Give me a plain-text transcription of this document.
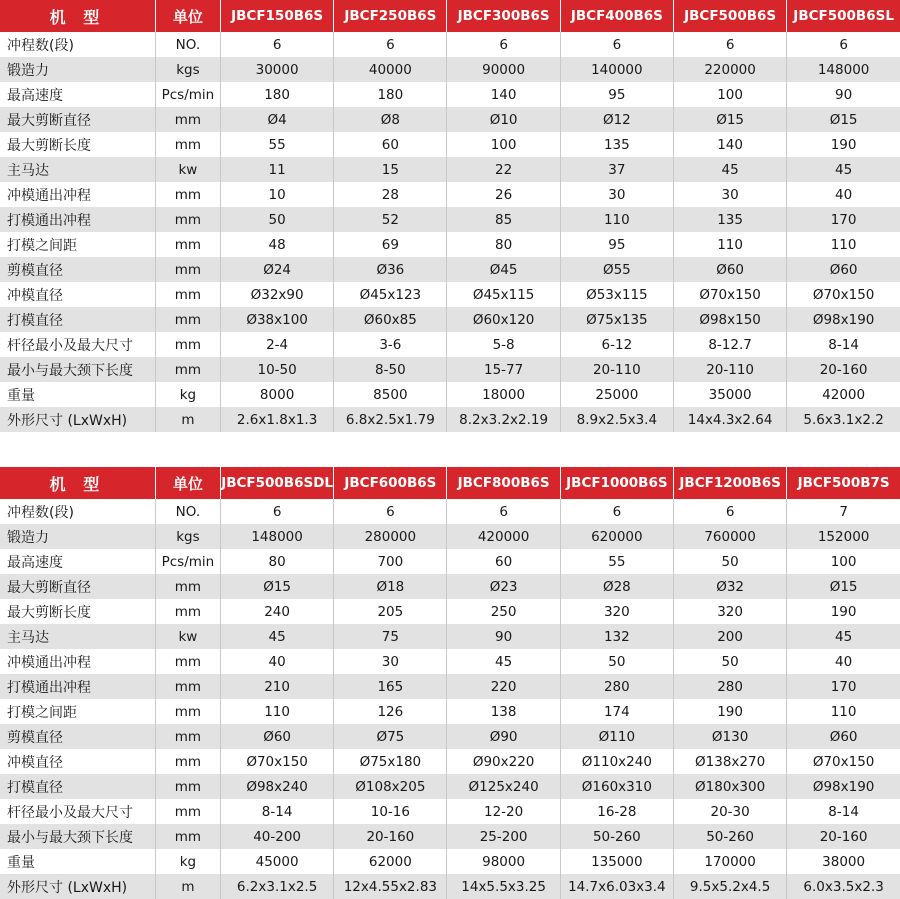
机 型	单位	JBCF150B6S	JBCF250B6S	JBCF300B6S	JBCF400B6S	JBCF500B6S	JBCF500B6SL
冲程数(段)	NO.	6	6	6	6	6	6
锻造力	kgs	30000	40000	90000	140000	220000	148000
最高速度	Pcs/min	180	180	140	95	100	90
最大剪断直径	mm	Ø4	Ø8	Ø10	Ø12	Ø15	Ø15
最大剪断长度	mm	55	60	100	135	140	190
主马达	kw	11	15	22	37	45	45
冲模通出冲程	mm	10	28	26	30	30	40
打模通出冲程	mm	50	52	85	110	135	170
打模之间距	mm	48	69	80	95	110	110
剪模直径	mm	Ø24	Ø36	Ø45	Ø55	Ø60	Ø60
冲模直径	mm	Ø32x90	Ø45x123	Ø45x115	Ø53x115	Ø70x150	Ø70x150
打模直径	mm	Ø38x100	Ø60x85	Ø60x120	Ø75x135	Ø98x150	Ø98x190
杆径最小及最大尺寸	mm	2-4	3-6	5-8	6-12	8-12.7	8-14
最小与最大颈下长度	mm	10-50	8-50	15-77	20-110	20-110	20-160
重量	kg	8000	8500	18000	25000	35000	42000
外形尺寸 (LxWxH)	m	2.6x1.8x1.3	6.8x2.5x1.79	8.2x3.2x2.19	8.9x2.5x3.4	14x4.3x2.64	5.6x3.1x2.2
机 型	单位	JBCF500B6SDL	JBCF600B6S	JBCF800B6S	JBCF1000B6S	JBCF1200B6S	JBCF500B7S
冲程数(段)	NO.	6	6	6	6	6	7
锻造力	kgs	148000	280000	420000	620000	760000	152000
最高速度	Pcs/min	80	700	60	55	50	100
最大剪断直径	mm	Ø15	Ø18	Ø23	Ø28	Ø32	Ø15
最大剪断长度	mm	240	205	250	320	320	190
主马达	kw	45	75	90	132	200	45
冲模通出冲程	mm	40	30	45	50	50	40
打模通出冲程	mm	210	165	220	280	280	170
打模之间距	mm	110	126	138	174	190	110
剪模直径	mm	Ø60	Ø75	Ø90	Ø110	Ø130	Ø60
冲模直径	mm	Ø70x150	Ø75x180	Ø90x220	Ø110x240	Ø138x270	Ø70x150
打模直径	mm	Ø98x240	Ø108x205	Ø125x240	Ø160x310	Ø180x300	Ø98x190
杆径最小及最大尺寸	mm	8-14	10-16	12-20	16-28	20-30	8-14
最小与最大颈下长度	mm	40-200	20-160	25-200	50-260	50-260	20-160
重量	kg	45000	62000	98000	135000	170000	38000
外形尺寸 (LxWxH)	m	6.2x3.1x2.5	12x4.55x2.83	14x5.5x3.25	14.7x6.03x3.4	9.5x5.2x4.5	6.0x3.5x2.3
